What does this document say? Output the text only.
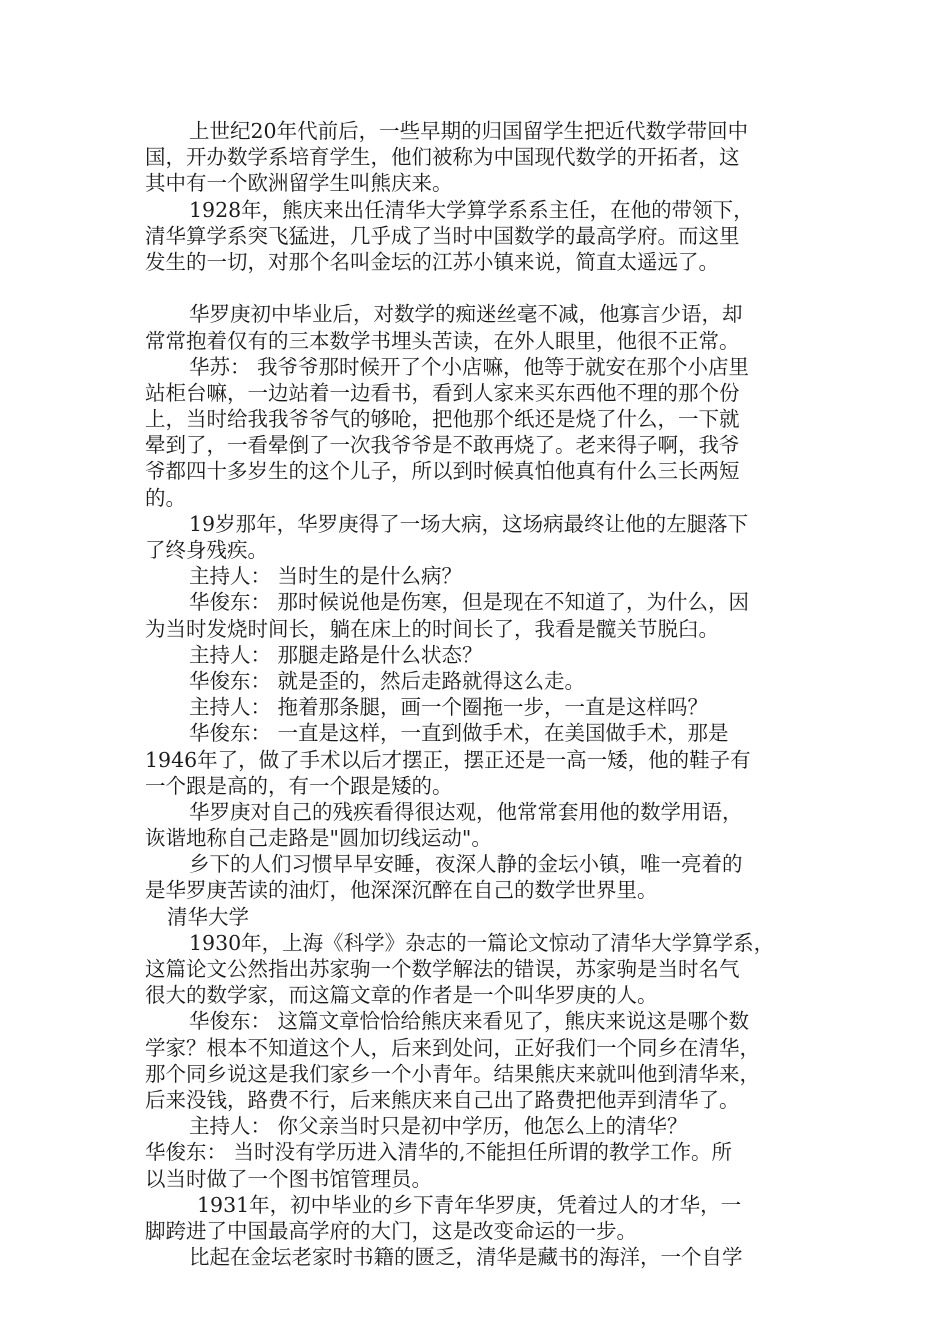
上世纪20年代前后，一些早期的归国留学生把近代数学带回中
国，开办数学系培育学生，他们被称为中国现代数学的开拓者，这
其中有一个欧洲留学生叫熊庆来。
1928年，熊庆来出任清华大学算学系系主任，在他的带领下，
清华算学系突飞猛进，几乎成了当时中国数学的最高学府。而这里
发生的一切，对那个名叫金坛的江苏小镇来说，简直太遥远了。
华罗庚初中毕业后，对数学的痴迷丝毫不减，他寡言少语，却
常常抱着仅有的三本数学书埋头苦读，在外人眼里，他很不正常。
华苏： 我爷爷那时候开了个小店嘛，他等于就安在那个小店里
站柜台嘛，一边站着一边看书，看到人家来买东西他不理的那个份
上，当时给我我爷爷气的够呛，把他那个纸还是烧了什么，一下就
晕到了，一看晕倒了一次我爷爷是不敢再烧了。老来得子啊，我爷
爷都四十多岁生的这个儿子，所以到时候真怕他真有什么三长两短
的。
19岁那年，华罗庚得了一场大病，这场病最终让他的左腿落下
了终身残疾。
主持人： 当时生的是什么病？
华俊东： 那时候说他是伤寒，但是现在不知道了，为什么，因
为当时发烧时间长，躺在床上的时间长了，我看是髋关节脱臼。
主持人： 那腿走路是什么状态？
华俊东： 就是歪的，然后走路就得这么走。
主持人： 拖着那条腿，画一个圈拖一步，一直是这样吗？
华俊东： 一直是这样，一直到做手术，在美国做手术，那是
1946年了，做了手术以后才摆正，摆正还是一高一矮，他的鞋子有
一个跟是高的，有一个跟是矮的。
华罗庚对自己的残疾看得很达观，他常常套用他的数学用语，
诙谐地称自己走路是"圆加切线运动"。
乡下的人们习惯早早安睡，夜深人静的金坛小镇，唯一亮着的
是华罗庚苦读的油灯，他深深沉醉在自己的数学世界里。
清华大学
1930年，上海《科学》杂志的一篇论文惊动了清华大学算学系，
这篇论文公然指出苏家驹一个数学解法的错误，苏家驹是当时名气
很大的数学家，而这篇文章的作者是一个叫华罗庚的人。
华俊东： 这篇文章恰恰给熊庆来看见了，熊庆来说这是哪个数
学家？根本不知道这个人，后来到处问，正好我们一个同乡在清华，
那个同乡说这是我们家乡一个小青年。结果熊庆来就叫他到清华来，
后来没钱，路费不行，后来熊庆来自己出了路费把他弄到清华了。
主持人： 你父亲当时只是初中学历，他怎么上的清华？
华俊东： 当时没有学历进入清华的,不能担任所谓的教学工作。所
以当时做了一个图书馆管理员。
1931年，初中毕业的乡下青年华罗庚，凭着过人的才华，一
脚跨进了中国最高学府的大门，这是改变命运的一步。
比起在金坛老家时书籍的匮乏，清华是藏书的海洋，一个自学
